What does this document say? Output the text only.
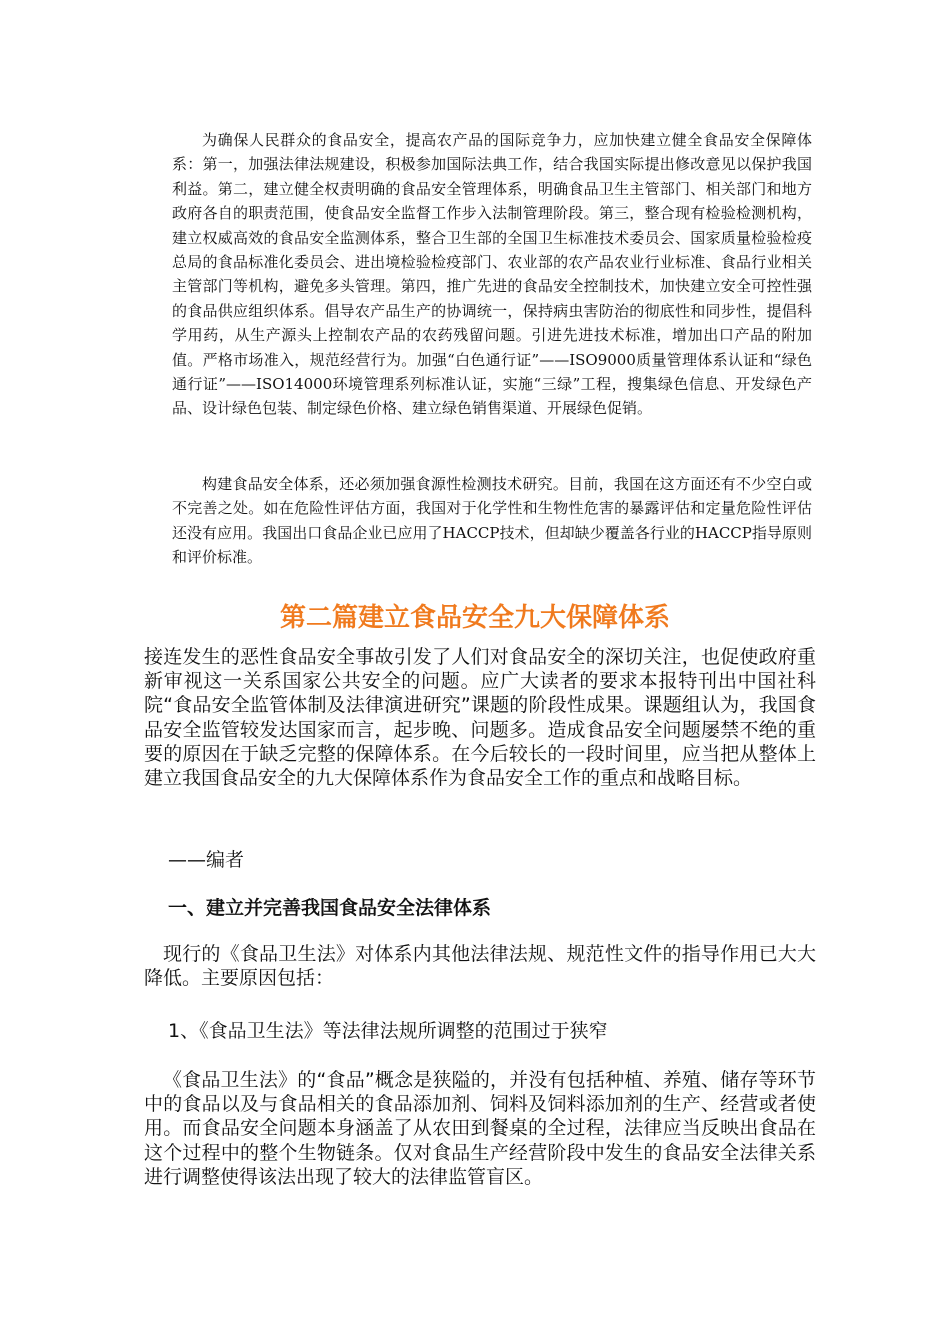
为确保人民群众的食品安全，提高农产品的国际竞争力，应加快建立健全食品安全保障体系：第一，加强法律法规建设，积极参加国际法典工作，结合我国实际提出修改意见以保护我国利益。第二，建立健全权责明确的食品安全管理体系，明确食品卫生主管部门、相关部门和地方政府各自的职责范围，使食品安全监督工作步入法制管理阶段。第三，整合现有检验检测机构，建立权威高效的食品安全监测体系，整合卫生部的全国卫生标准技术委员会、国家质量检验检疫总局的食品标准化委员会、进出境检验检疫部门、农业部的农产品农业行业标准、食品行业相关主管部门等机构，避免多头管理。第四，推广先进的食品安全控制技术，加快建立安全可控性强的食品供应组织体系。倡导农产品生产的协调统一，保持病虫害防治的彻底性和同步性，提倡科学用药，从生产源头上控制农产品的农药残留问题。引进先进技术标准，增加出口产品的附加值。严格市场准入，规范经营行为。加强“白色通行证”——ISO9000质量管理体系认证和“绿色通行证”——ISO14000环境管理系列标准认证，实施“三绿”工程，搜集绿色信息、开发绿色产品、设计绿色包装、制定绿色价格、建立绿色销售渠道、开展绿色促销。

构建食品安全体系，还必须加强食源性检测技术研究。目前，我国在这方面还有不少空白或不完善之处。如在危险性评估方面，我国对于化学性和生物性危害的暴露评估和定量危险性评估还没有应用。我国出口食品企业已应用了HACCP技术，但却缺少覆盖各行业的HACCP指导原则和评价标准。

第二篇建立食品安全九大保障体系

接连发生的恶性食品安全事故引发了人们对食品安全的深切关注，也促使政府重新审视这一关系国家公共安全的问题。应广大读者的要求本报特刊出中国社科院“食品安全监管体制及法律演进研究”课题的阶段性成果。课题组认为，我国食品安全监管较发达国家而言，起步晚、问题多。造成食品安全问题屡禁不绝的重要的原因在于缺乏完整的保障体系。在今后较长的一段时间里，应当把从整体上建立我国食品安全的九大保障体系作为食品安全工作的重点和战略目标。

——编者

一、建立并完善我国食品安全法律体系

现行的《食品卫生法》对体系内其他法律法规、规范性文件的指导作用已大大降低。主要原因包括：

1、《食品卫生法》等法律法规所调整的范围过于狭窄

《食品卫生法》的“食品”概念是狭隘的，并没有包括种植、养殖、储存等环节中的食品以及与食品相关的食品添加剂、饲料及饲料添加剂的生产、经营或者使用。而食品安全问题本身涵盖了从农田到餐桌的全过程，法律应当反映出食品在这个过程中的整个生物链条。仅对食品生产经营阶段中发生的食品安全法律关系进行调整使得该法出现了较大的法律监管盲区。
